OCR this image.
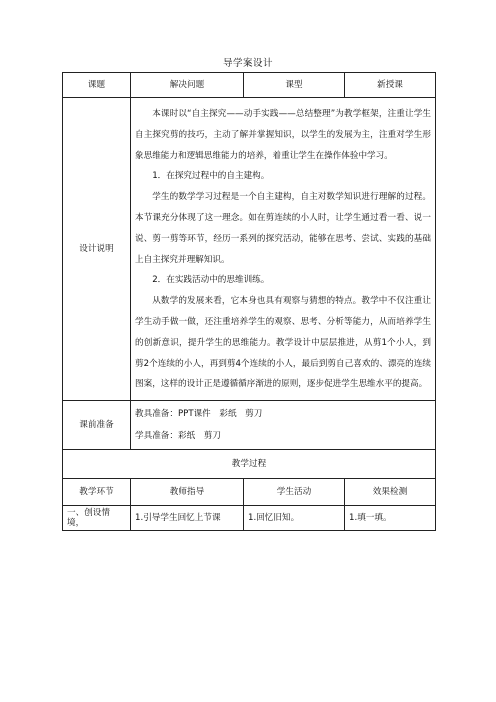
导学案设计
课题	解决问题	课型	新授课
设计说明	本课时以“自主探究——动手实践——总结整理”为教学框架，注重让学生自主探究剪的技巧，主动了解并掌握知识，以学生的发展为主，注重对学生形象思维能力和逻辑思维能力的培养，着重让学生在操作体验中学习。

1．在探究过程中的自主建构。

学生的数学学习过程是一个自主建构，自主对数学知识进行理解的过程。本节课充分体现了这一理念。如在剪连续的小人时，让学生通过看一看、说一说、剪一剪等环节，经历一系列的探究活动，能够在思考、尝试、实践的基础上自主探究并理解知识。

2．在实践活动中的思维训练。

从数学的发展来看，它本身也具有观察与猜想的特点。教学中不仅注重让学生动手做一做，还注重培养学生的观察、思考、分析等能力，从而培养学生的创新意识，提升学生的思维能力。教学设计中层层推进，从剪1个小人，到剪2个连续的小人，再到剪4个连续的小人，最后到剪自己喜欢的、漂亮的连续图案，这样的设计正是遵循循序渐进的原则，逐步促进学生思维水平的提高。		

课前准备	教具准备：PPT课件　彩纸　剪刀
学具准备：彩纸　剪刀		

教学过程			
教学环节	教师指导	学生活动	效果检测
一、创设情境，	1.引导学生回忆上节课	1.回忆旧知。	1.填一填。
